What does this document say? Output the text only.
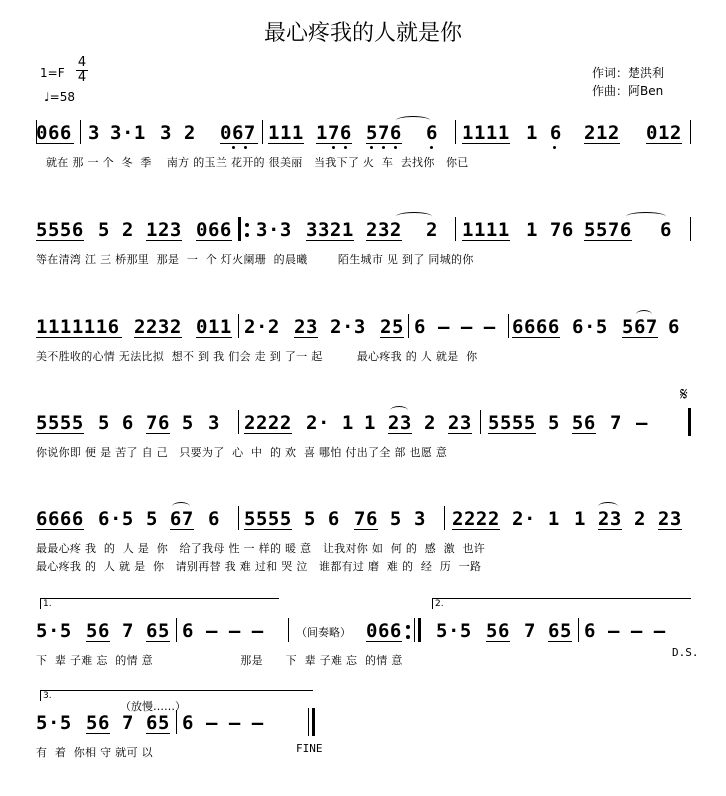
最心疼我的人就是你
1=F
4
4
♩=58
作词：楚洪利
作曲：阿Ben
066 3 3·1 3 2 067 111 176 576 6 1111 1 6 212 012
就在 那 一 个  冬  季    南方 的玉兰 花开的 很美丽   当我下了 火  车  去找你   你已
5556 5 2 123 066 3·3 3321 232 2 1111 1 76 5576 6
等在清湾 江 三 桥那里  那是  一  个 灯火阑珊  的晨曦        陌生城市 见 到了 同城的你
1111116 2232 011 2·2 23 2·3 25 6 – – – 6666 6·5 567 6
美不胜收的心情 无法比拟  想不 到 我 们会 走 到 了一 起         最心疼我 的 人 就是  你
𝄋
5555 5 6 76 5 3 2222 2· 1 1 23 2 23 5555 5 56 7 –
你说你即 便 是 苦了 自 己   只要为了  心  中  的 欢  喜 哪怕 付出了全 部 也愿 意
6666 6·5 5 67 6 5555 5 6 76 5 3 2222 2· 1 1 23 2 23
最最心疼 我  的  人 是  你   给了我母 性 一 样的 暖 意   让我对你 如  何 的  感  激  也许
最心疼我 的  人 就 是  你   请别再替 我 难 过和 哭 泣   谁都有过 磨  难 的  经  历  一路
1.	2.
5·5 56 7 65 6 – – –	（间奏略） 066 5·5 56 7 65 6 – – –
D.S.
下  辈 子难 忘  的情 意                       那是      下  辈 子难 忘  的情 意
3.
（放慢……）
5·5 56 7 65 6 – – –
FINE
有  着  你相 守 就可 以
